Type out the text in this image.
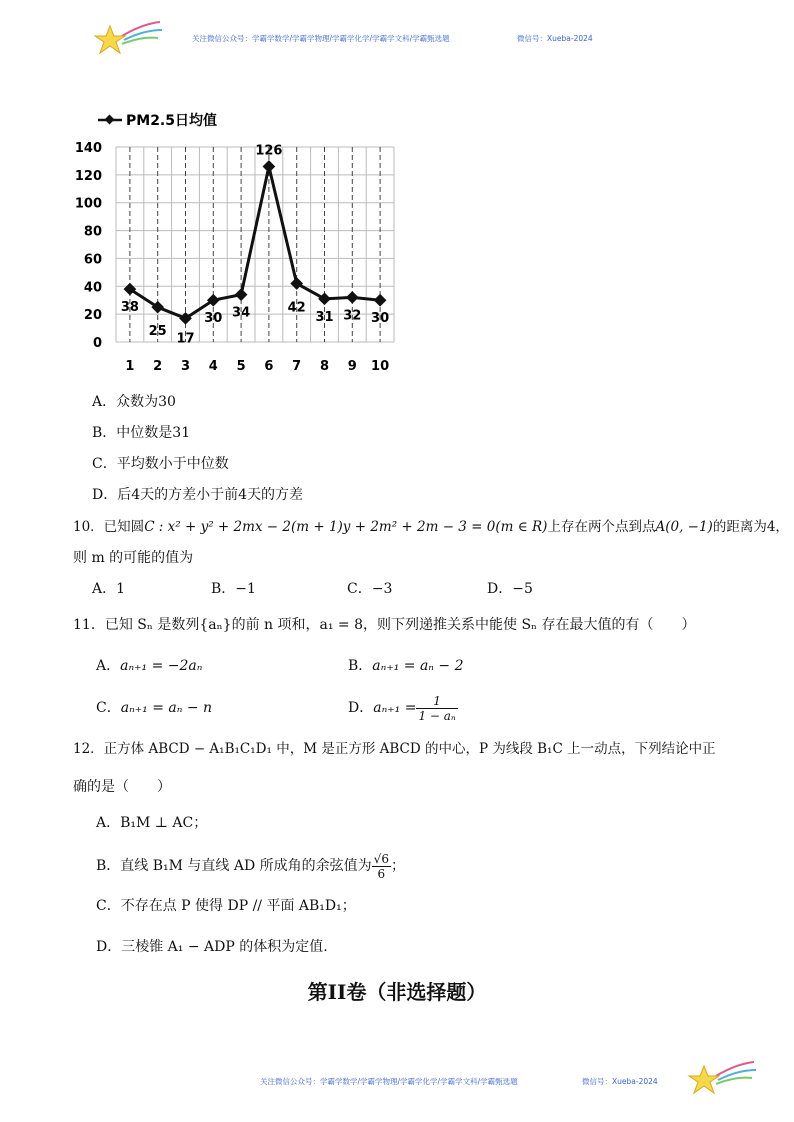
关注微信公众号：学霸学数学/学霸学物理/学霸学化学/学霸学文科/学霸甄选题	微信号：Xueba-2024
PM2.5日均值
0
20
40
60
80
100
120
140
1 2 3 4 5 6 7 8 9 10
38
25 17
30 34
126
42
31 32 30
A．众数为30
B．中位数是31
C．平均数小于中位数
D．后4天的方差小于前4天的方差
10．已知圆C : x² + y² + 2mx − 2(m + 1)y + 2m² + 2m − 3 = 0(m ∈ R)上存在两个点到点A(0, −1)的距离为4，
则 m 的可能的值为
A．1	B．−1	C．−3	D．−5
11．已知 Sₙ 是数列{aₙ}的前 n 项和，a₁ = 8，则下列递推关系中能使 Sₙ 存在最大值的有（　　）
A．aₙ₊₁ = −2aₙ	B．aₙ₊₁ = aₙ − 2
C．aₙ₊₁ = aₙ − n	D．$a_{n+1} = \frac{1}{\text{1 − aₙ}}$
12．正方体 ABCD − A₁B₁C₁D₁ 中，M 是正方形 ABCD 的中心，P 为线段 B₁C 上一动点，下列结论中正
确的是（　　）
A．B₁M ⊥ AC；
B．直线 B₁M 与直线 AD 所成角的余弦值为 $\frac{√6}{6}$ ；
C．不存在点 P 使得 DP // 平面 AB₁D₁；
D．三棱锥 A₁ − ADP 的体积为定值.
第II卷（非选择题）
关注微信公众号：学霸学数学/学霸学物理/学霸学化学/学霸学文科/学霸甄选题	微信号：Xueba-2024
